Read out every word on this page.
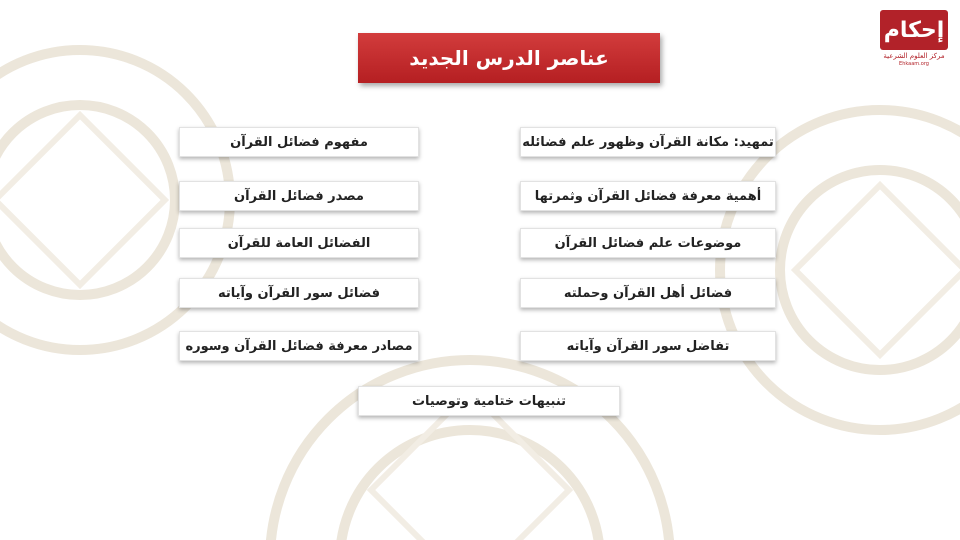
عناصر الدرس الجديد
إحكام
مركز العلوم الشرعية
Ehkaam.org
تمهيد: مكانة القرآن وظهور علم فضائله
أهمية معرفة فضائل القرآن وثمرتها
موضوعات علم فضائل القرآن
فضائل أهل القرآن وحملته
تفاضل سور القرآن وآياته
مفهوم فضائل القرآن
مصدر فضائل القرآن
الفضائل العامة للقرآن
فضائل سور القرآن وآياته
مصادر معرفة فضائل القرآن وسوره
تنبيهات ختامية وتوصيات
